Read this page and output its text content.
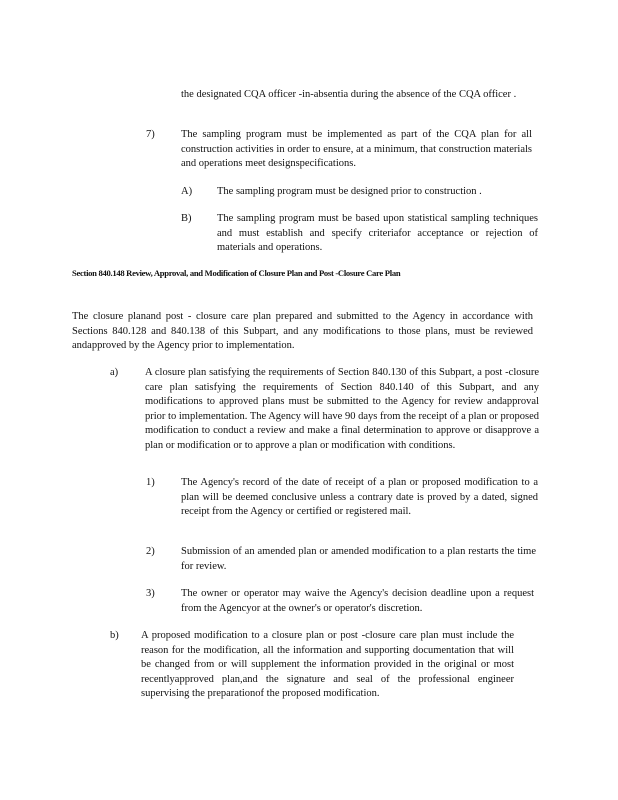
the designated CQA officer -in-absentia during the absence of the CQA officer .
7)	The sampling program must be implemented as part of the CQA plan for all construction activities in order to ensure, at a minimum, that construction materials and operations meet designspecifications.
A) The sampling program must be designed prior to construction .
B) The sampling program must be based upon statistical sampling techniques and must establish and specify criteriafor acceptance or rejection of materials and operations.
Section 840.148 Review, Approval, and Modification of Closure Plan and Post -Closure Care Plan
The closure planand post - closure care plan prepared and submitted to the Agency in accordance with Sections 840.128 and 840.138 of this Subpart, and any modifications to those plans, must be reviewed andapproved by the Agency prior to implementation.
a)	A closure plan satisfying the requirements of Section 840.130 of this Subpart, a post -closure care plan satisfying the requirements of Section 840.140 of this Subpart, and any modifications to approved plans must be submitted to the Agency for review andapproval prior to implementation. The Agency will have 90 days from the receipt of a plan or proposed modification to conduct a review and make a final determination to approve or disapprove a plan or modification or to approve a plan or modification with conditions.
1)	The Agency's record of the date of receipt of a plan or proposed modification to a plan will be deemed conclusive unless a contrary date is proved by a dated, signed receipt from the Agency or certified or registered mail.
2)	Submission of an amended plan or amended modification to a plan restarts the time for review.
3)	The owner or operator may waive the Agency's decision deadline upon a request from the Agencyor at the owner's or operator's discretion.
b) A proposed modification to a closure plan or post -closure care plan must include the reason for the modification, all the information and supporting documentation that will be changed from or will supplement the information provided in the original or most recentlyapproved plan,and the signature and seal of the professional engineer supervising the preparationof the proposed modification.
